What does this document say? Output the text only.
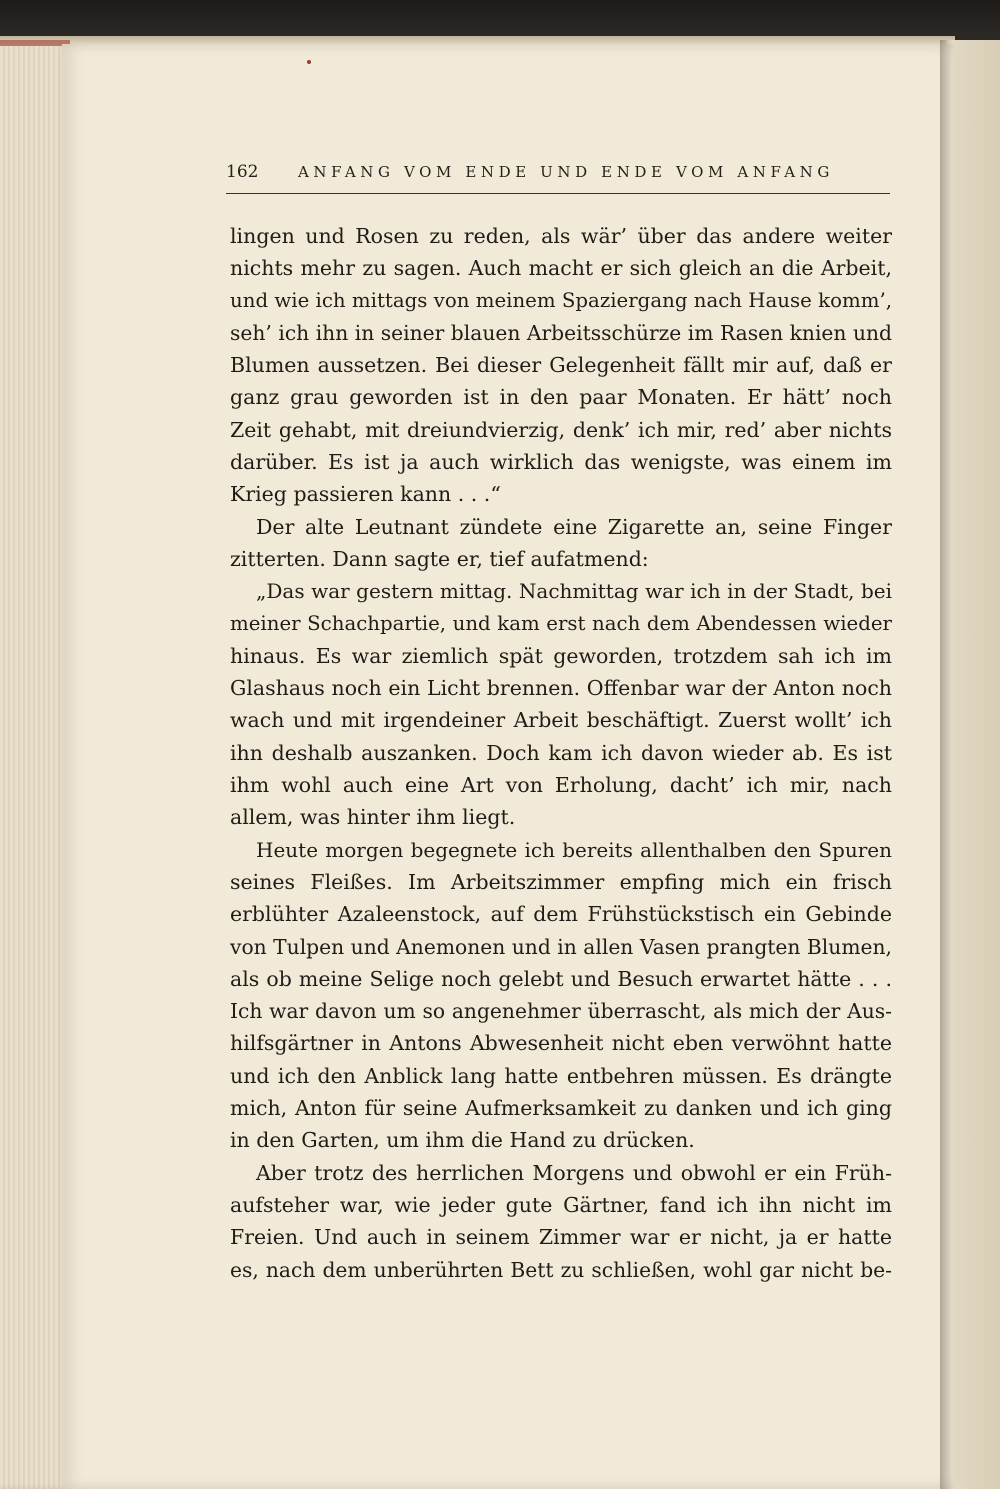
162	ANFANG VOM ENDE UND ENDE VOM ANFANG
lingen und Rosen zu reden, als wär’ über das andere weiter
nichts mehr zu sagen. Auch macht er sich gleich an die Arbeit,
und wie ich mittags von meinem Spaziergang nach Hause komm’,
seh’ ich ihn in seiner blauen Arbeitsschürze im Rasen knien und
Blumen aussetzen. Bei dieser Gelegenheit fällt mir auf, daß er
ganz grau geworden ist in den paar Monaten. Er hätt’ noch
Zeit gehabt, mit dreiundvierzig, denk’ ich mir, red’ aber nichts
darüber. Es ist ja auch wirklich das wenigste, was einem im
Krieg passieren kann . . .“
Der alte Leutnant zündete eine Zigarette an, seine Finger
zitterten. Dann sagte er, tief aufatmend:
„Das war gestern mittag. Nachmittag war ich in der Stadt, bei
meiner Schachpartie, und kam erst nach dem Abendessen wieder
hinaus. Es war ziemlich spät geworden, trotzdem sah ich im
Glashaus noch ein Licht brennen. Offenbar war der Anton noch
wach und mit irgendeiner Arbeit beschäftigt. Zuerst wollt’ ich
ihn deshalb auszanken. Doch kam ich davon wieder ab. Es ist
ihm wohl auch eine Art von Erholung, dacht’ ich mir, nach
allem, was hinter ihm liegt.
Heute morgen begegnete ich bereits allenthalben den Spuren
seines Fleißes. Im Arbeitszimmer empfing mich ein frisch
erblühter Azaleenstock, auf dem Frühstückstisch ein Gebinde
von Tulpen und Anemonen und in allen Vasen prangten Blumen,
als ob meine Selige noch gelebt und Besuch erwartet hätte . . .
Ich war davon um so angenehmer überrascht, als mich der Aus-
hilfsgärtner in Antons Abwesenheit nicht eben verwöhnt hatte
und ich den Anblick lang hatte entbehren müssen. Es drängte
mich, Anton für seine Aufmerksamkeit zu danken und ich ging
in den Garten, um ihm die Hand zu drücken.
Aber trotz des herrlichen Morgens und obwohl er ein Früh-
aufsteher war, wie jeder gute Gärtner, fand ich ihn nicht im
Freien. Und auch in seinem Zimmer war er nicht, ja er hatte
es, nach dem unberührten Bett zu schließen, wohl gar nicht be-
